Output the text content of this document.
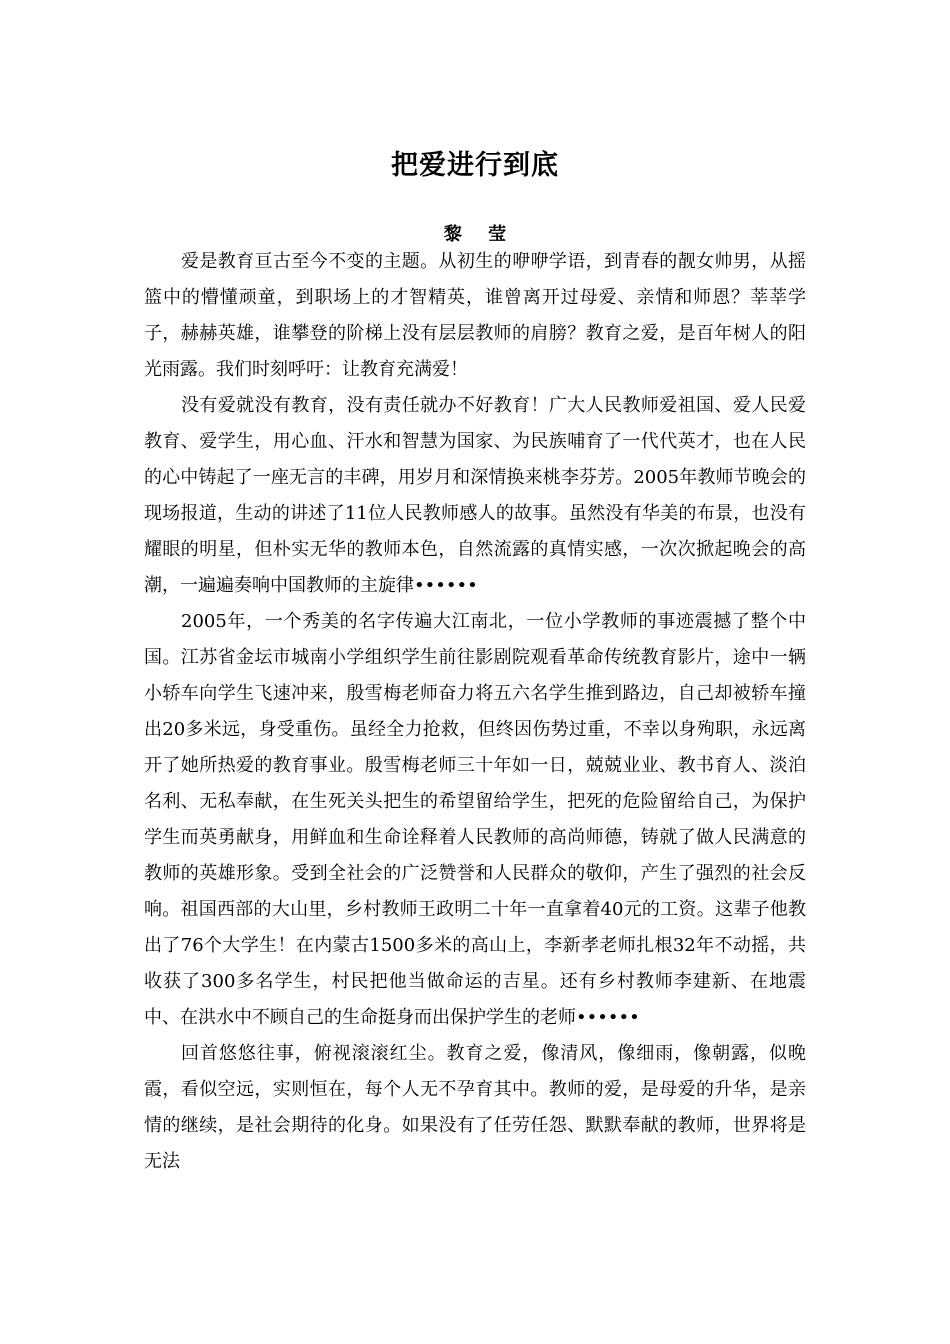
把爱进行到底
黎 莹

爱是教育亘古至今不变的主题。从初生的咿咿学语，到青春的靓女帅男，从摇篮中的懵懂顽童，到职场上的才智精英，谁曾离开过母爱、亲情和师恩？莘莘学子，赫赫英雄，谁攀登的阶梯上没有层层教师的肩膀？教育之爱，是百年树人的阳光雨露。我们时刻呼吁：让教育充满爱！

没有爱就没有教育，没有责任就办不好教育！广大人民教师爱祖国、爱人民爱教育、爱学生，用心血、汗水和智慧为国家、为民族哺育了一代代英才，也在人民的心中铸起了一座无言的丰碑，用岁月和深情换来桃李芬芳。2005年教师节晚会的现场报道，生动的讲述了11位人民教师感人的故事。虽然没有华美的布景，也没有耀眼的明星，但朴实无华的教师本色，自然流露的真情实感，一次次掀起晚会的高潮，一遍遍奏响中国教师的主旋律••••••

2005年，一个秀美的名字传遍大江南北，一位小学教师的事迹震撼了整个中国。江苏省金坛市城南小学组织学生前往影剧院观看革命传统教育影片，途中一辆小轿车向学生飞速冲来，殷雪梅老师奋力将五六名学生推到路边，自己却被轿车撞出20多米远，身受重伤。虽经全力抢救，但终因伤势过重，不幸以身殉职，永远离开了她所热爱的教育事业。殷雪梅老师三十年如一日，兢兢业业、教书育人、淡泊名利、无私奉献，在生死关头把生的希望留给学生，把死的危险留给自己，为保护学生而英勇献身，用鲜血和生命诠释着人民教师的高尚师德，铸就了做人民满意的教师的英雄形象。受到全社会的广泛赞誉和人民群众的敬仰，产生了强烈的社会反响。祖国西部的大山里，乡村教师王政明二十年一直拿着40元的工资。这辈子他教出了76个大学生！在内蒙古1500多米的高山上，李新孝老师扎根32年不动摇，共收获了300多名学生，村民把他当做命运的吉星。还有乡村教师李建新、在地震中、在洪水中不顾自己的生命挺身而出保护学生的老师••••••

回首悠悠往事，俯视滚滚红尘。教育之爱，像清风，像细雨，像朝露，似晚霞，看似空远，实则恒在，每个人无不孕育其中。教师的爱，是母爱的升华，是亲情的继续，是社会期待的化身。如果没有了任劳任怨、默默奉献的教师，世界将是无法
